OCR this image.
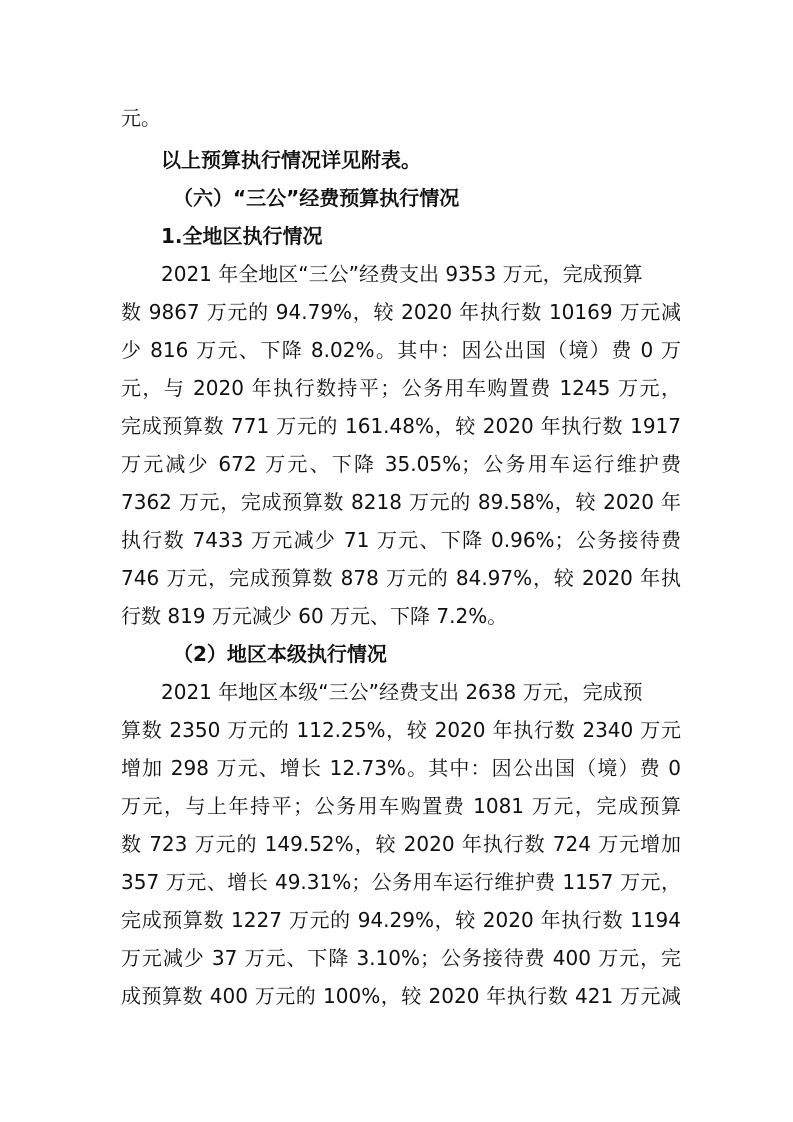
元。
以上预算执行情况详见附表。
（六）“三公”经费预算执行情况
1.全地区执行情况
2021 年全地区“三公”经费支出 9353 万元，完成预算
数 9867 万元的 94.79%，较 2020 年执行数 10169 万元减
少 816 万元、下降 8.02%。其中：因公出国（境）费 0 万
元，与 2020 年执行数持平；公务用车购置费 1245 万元，
完成预算数 771 万元的 161.48%，较 2020 年执行数 1917
万元减少 672 万元、下降 35.05%；公务用车运行维护费
7362 万元，完成预算数 8218 万元的 89.58%，较 2020 年
执行数 7433 万元减少 71 万元、下降 0.96%；公务接待费
746 万元，完成预算数 878 万元的 84.97%，较 2020 年执
行数 819 万元减少 60 万元、下降 7.2%。
（2）地区本级执行情况
2021 年地区本级“三公”经费支出 2638 万元，完成预
算数 2350 万元的 112.25%，较 2020 年执行数 2340 万元
增加 298 万元、增长 12.73%。其中：因公出国（境）费 0
万元，与上年持平；公务用车购置费 1081 万元，完成预算
数 723 万元的 149.52%，较 2020 年执行数 724 万元增加
357 万元、增长 49.31%；公务用车运行维护费 1157 万元，
完成预算数 1227 万元的 94.29%，较 2020 年执行数 1194
万元减少 37 万元、下降 3.10%；公务接待费 400 万元，完
成预算数 400 万元的 100%，较 2020 年执行数 421 万元减
